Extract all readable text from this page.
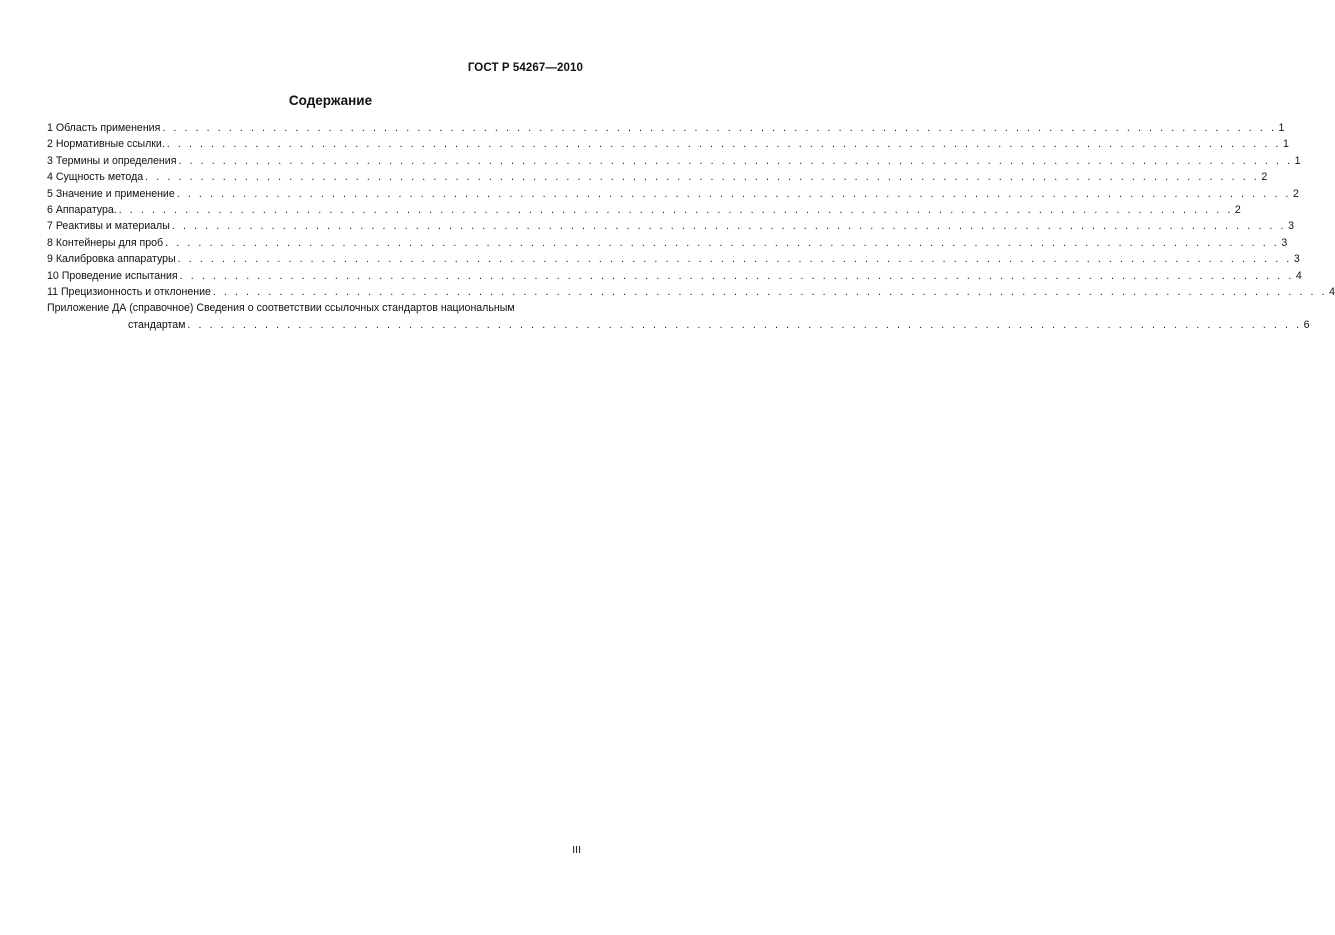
ГОСТ Р 54267—2010
Содержание
1 Область применения . . . . . . . . . . . . . . . . . . . . . . . . . . . . . . . . . . . . . . . . . . . . . . . . . . . . . . . . . . . . . . . . . . . . . . . . . . . . . . . . . . . . . . . . . . . . . . . . . . . . . 1
2 Нормативные ссылки. . . . . . . . . . . . . . . . . . . . . . . . . . . . . . . . . . . . . . . . . . . . . . . . . . . . . . . . . . . . . . . . . . . . . . . . . . . . . . . . . . . . . . . . . . . . . . . . . . . . . . 1
3 Термины и определения . . . . . . . . . . . . . . . . . . . . . . . . . . . . . . . . . . . . . . . . . . . . . . . . . . . . . . . . . . . . . . . . . . . . . . . . . . . . . . . . . . . . . . . . . . . . . . . . . . . . . 1
4 Сущность метода . . . . . . . . . . . . . . . . . . . . . . . . . . . . . . . . . . . . . . . . . . . . . . . . . . . . . . . . . . . . . . . . . . . . . . . . . . . . . . . . . . . . . . . . . . . . . . . . . . . . . 2
5 Значение и применение . . . . . . . . . . . . . . . . . . . . . . . . . . . . . . . . . . . . . . . . . . . . . . . . . . . . . . . . . . . . . . . . . . . . . . . . . . . . . . . . . . . . . . . . . . . . . . . . . . . . . 2
6 Аппаратура. . . . . . . . . . . . . . . . . . . . . . . . . . . . . . . . . . . . . . . . . . . . . . . . . . . . . . . . . . . . . . . . . . . . . . . . . . . . . . . . . . . . . . . . . . . . . . . . . . . . . . 2
7 Реактивы и материалы . . . . . . . . . . . . . . . . . . . . . . . . . . . . . . . . . . . . . . . . . . . . . . . . . . . . . . . . . . . . . . . . . . . . . . . . . . . . . . . . . . . . . . . . . . . . . . . . . . . . . 3
8 Контейнеры для проб . . . . . . . . . . . . . . . . . . . . . . . . . . . . . . . . . . . . . . . . . . . . . . . . . . . . . . . . . . . . . . . . . . . . . . . . . . . . . . . . . . . . . . . . . . . . . . . . . . . . . 3
9 Калибровка аппаратуры . . . . . . . . . . . . . . . . . . . . . . . . . . . . . . . . . . . . . . . . . . . . . . . . . . . . . . . . . . . . . . . . . . . . . . . . . . . . . . . . . . . . . . . . . . . . . . . . . . . . . 3
10 Проведение испытания . . . . . . . . . . . . . . . . . . . . . . . . . . . . . . . . . . . . . . . . . . . . . . . . . . . . . . . . . . . . . . . . . . . . . . . . . . . . . . . . . . . . . . . . . . . . . . . . . . . . . 4
11 Прецизионность и отклонение . . . . . . . . . . . . . . . . . . . . . . . . . . . . . . . . . . . . . . . . . . . . . . . . . . . . . . . . . . . . . . . . . . . . . . . . . . . . . . . . . . . . . . . . . . . . . . . . . . . . . 4
Приложение ДА (справочное) Сведения о соответствии ссылочных стандартов национальным
стандартам . . . . . . . . . . . . . . . . . . . . . . . . . . . . . . . . . . . . . . . . . . . . . . . . . . . . . . . . . . . . . . . . . . . . . . . . . . . . . . . . . . . . . . . . . . . . . . . . . . . . . 6
III
